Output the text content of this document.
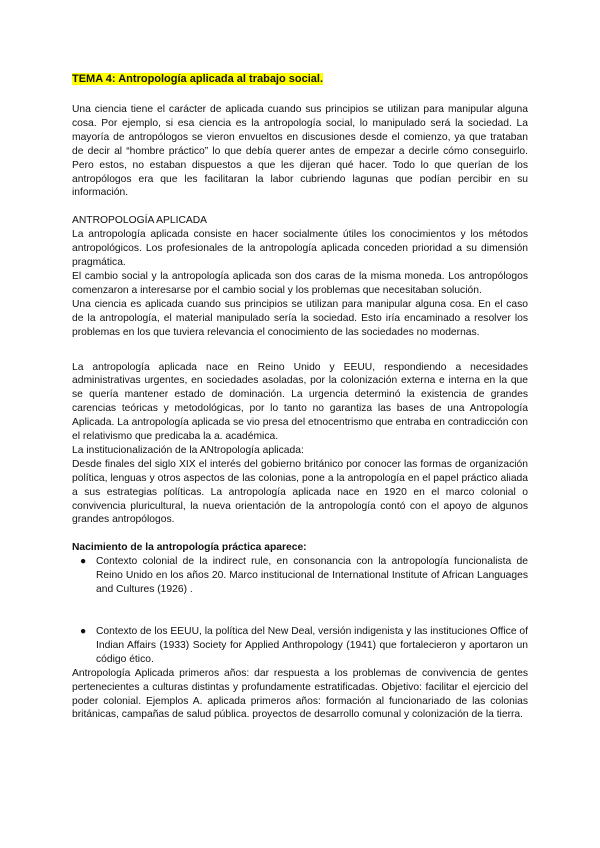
TEMA 4: Antropología aplicada al trabajo social.

Una ciencia tiene el carácter de aplicada cuando sus principios se utilizan para manipular alguna cosa. Por ejemplo, si esa ciencia es la antropología social, lo manipulado será la sociedad. La mayoría de antropólogos se vieron envueltos en discusiones desde el comienzo, ya que trataban de decir al “hombre práctico” lo que debía querer antes de empezar a decirle cómo conseguirlo. Pero estos, no estaban dispuestos a que les dijeran qué hacer. Todo lo que querían de los antropólogos era que les facilitaran la labor cubriendo lagunas que podían percibir en su información.

ANTROPOLOGÍA APLICADA

La antropología aplicada consiste en hacer socialmente útiles los conocimientos y los métodos antropológicos. Los profesionales de la antropología aplicada conceden prioridad a su dimensión pragmática.

El cambio social y la antropología aplicada son dos caras de la misma moneda. Los antropólogos comenzaron a interesarse por el cambio social y los problemas que necesitaban solución.

Una ciencia es aplicada cuando sus principios se utilizan para manipular alguna cosa. En el caso de la antropología, el material manipulado sería la sociedad. Esto iría encaminado a resolver los problemas en los que tuviera relevancia el conocimiento de las sociedades no modernas.

La antropología aplicada nace en Reino Unido y EEUU, respondiendo a necesidades administrativas urgentes, en sociedades asoladas, por la colonización externa e interna en la que se quería mantener estado de dominación. La urgencia determinó la existencia de grandes carencias teóricas y metodológicas, por lo tanto no garantiza las bases de una Antropología Aplicada. La antropología aplicada se vio presa del etnocentrismo que entraba en contradicción con el relativismo que predicaba la a. académica.

La institucionalización de la ANtropología aplicada:

Desde finales del siglo XIX el interés del gobierno británico por conocer las formas de organización política, lenguas y otros aspectos de las colonias, pone a la antropología en el papel práctico aliada a sus estrategias políticas. La antropología aplicada nace en 1920 en el marco colonial o convivencia pluricultural, la nueva orientación de la antropología contó con el apoyo de algunos grandes antropólogos.

Nacimiento de la antropología práctica aparece:
● Contexto colonial de la indirect rule, en consonancia con la antropología funcionalista de Reino Unido en los años 20. Marco institucional de International Institute of African Languages and Cultures (1926) .
● Contexto de los EEUU, la política del New Deal, versión indigenista y las instituciones Office of Indian Affairs (1933) Society for Applied Anthropology (1941) que fortalecieron y aportaron un código ético.

Antropología Aplicada primeros años: dar respuesta a los problemas de convivencia de gentes pertenecientes a culturas distintas y profundamente estratificadas. Objetivo: facilitar el ejercicio del poder colonial. Ejemplos A. aplicada primeros años: formación al funcionariado de las colonias británicas, campañas de salud pública. proyectos de desarrollo comunal y colonización de la tierra.
